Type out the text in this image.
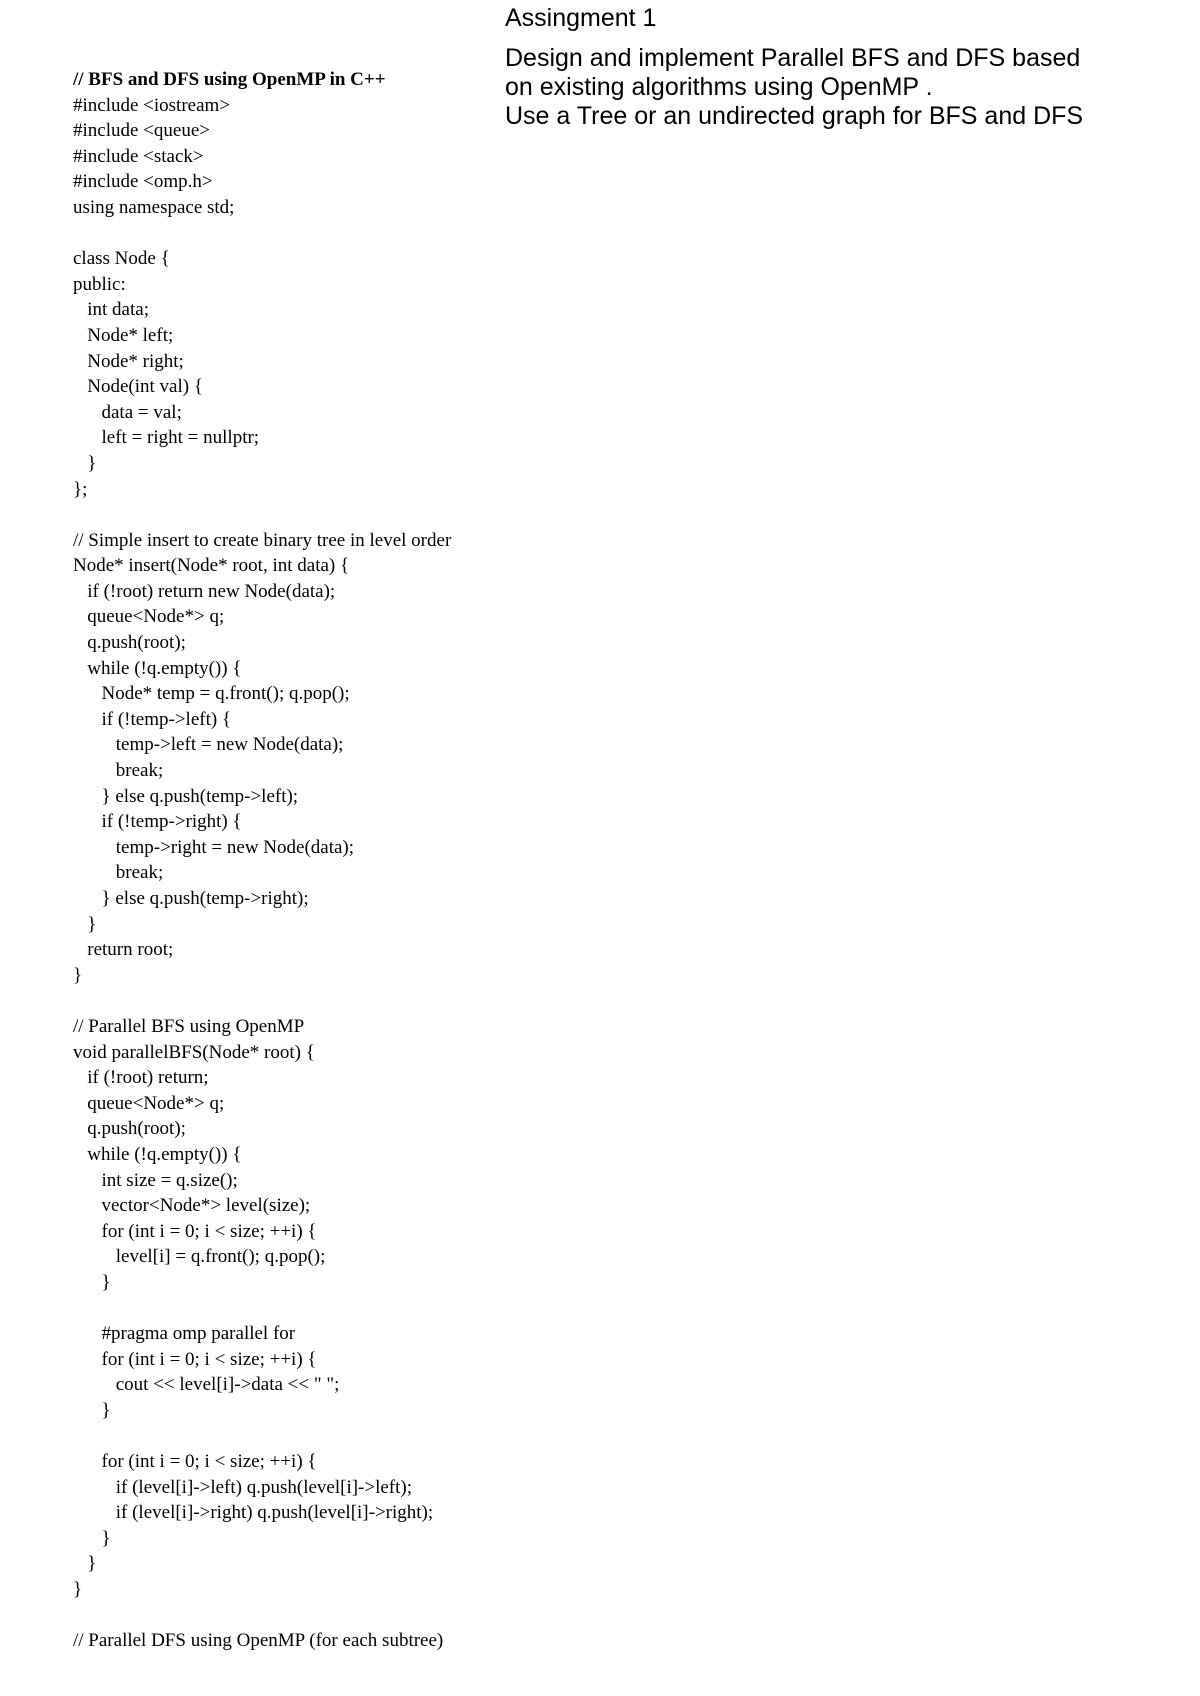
Assingment 1
Design and implement Parallel BFS and DFS based
on existing algorithms using OpenMP .
Use a Tree or an undirected graph for BFS and DFS
// BFS and DFS using OpenMP in C++
#include <iostream>
#include <queue>
#include <stack>
#include <omp.h>
using namespace std;
class Node {
public:
int data;
Node* left;
Node* right;
Node(int val) {
data = val;
left = right = nullptr;
}
};
// Simple insert to create binary tree in level order
Node* insert(Node* root, int data) {
if (!root) return new Node(data);
queue<Node*> q;
q.push(root);
while (!q.empty()) {
Node* temp = q.front(); q.pop();
if (!temp->left) {
temp->left = new Node(data);
break;
} else q.push(temp->left);
if (!temp->right) {
temp->right = new Node(data);
break;
} else q.push(temp->right);
}
return root;
}
// Parallel BFS using OpenMP
void parallelBFS(Node* root) {
if (!root) return;
queue<Node*> q;
q.push(root);
while (!q.empty()) {
int size = q.size();
vector<Node*> level(size);
for (int i = 0; i < size; ++i) {
level[i] = q.front(); q.pop();
}
#pragma omp parallel for
for (int i = 0; i < size; ++i) {
cout << level[i]->data << " ";
}
for (int i = 0; i < size; ++i) {
if (level[i]->left) q.push(level[i]->left);
if (level[i]->right) q.push(level[i]->right);
}
}
}
// Parallel DFS using OpenMP (for each subtree)
